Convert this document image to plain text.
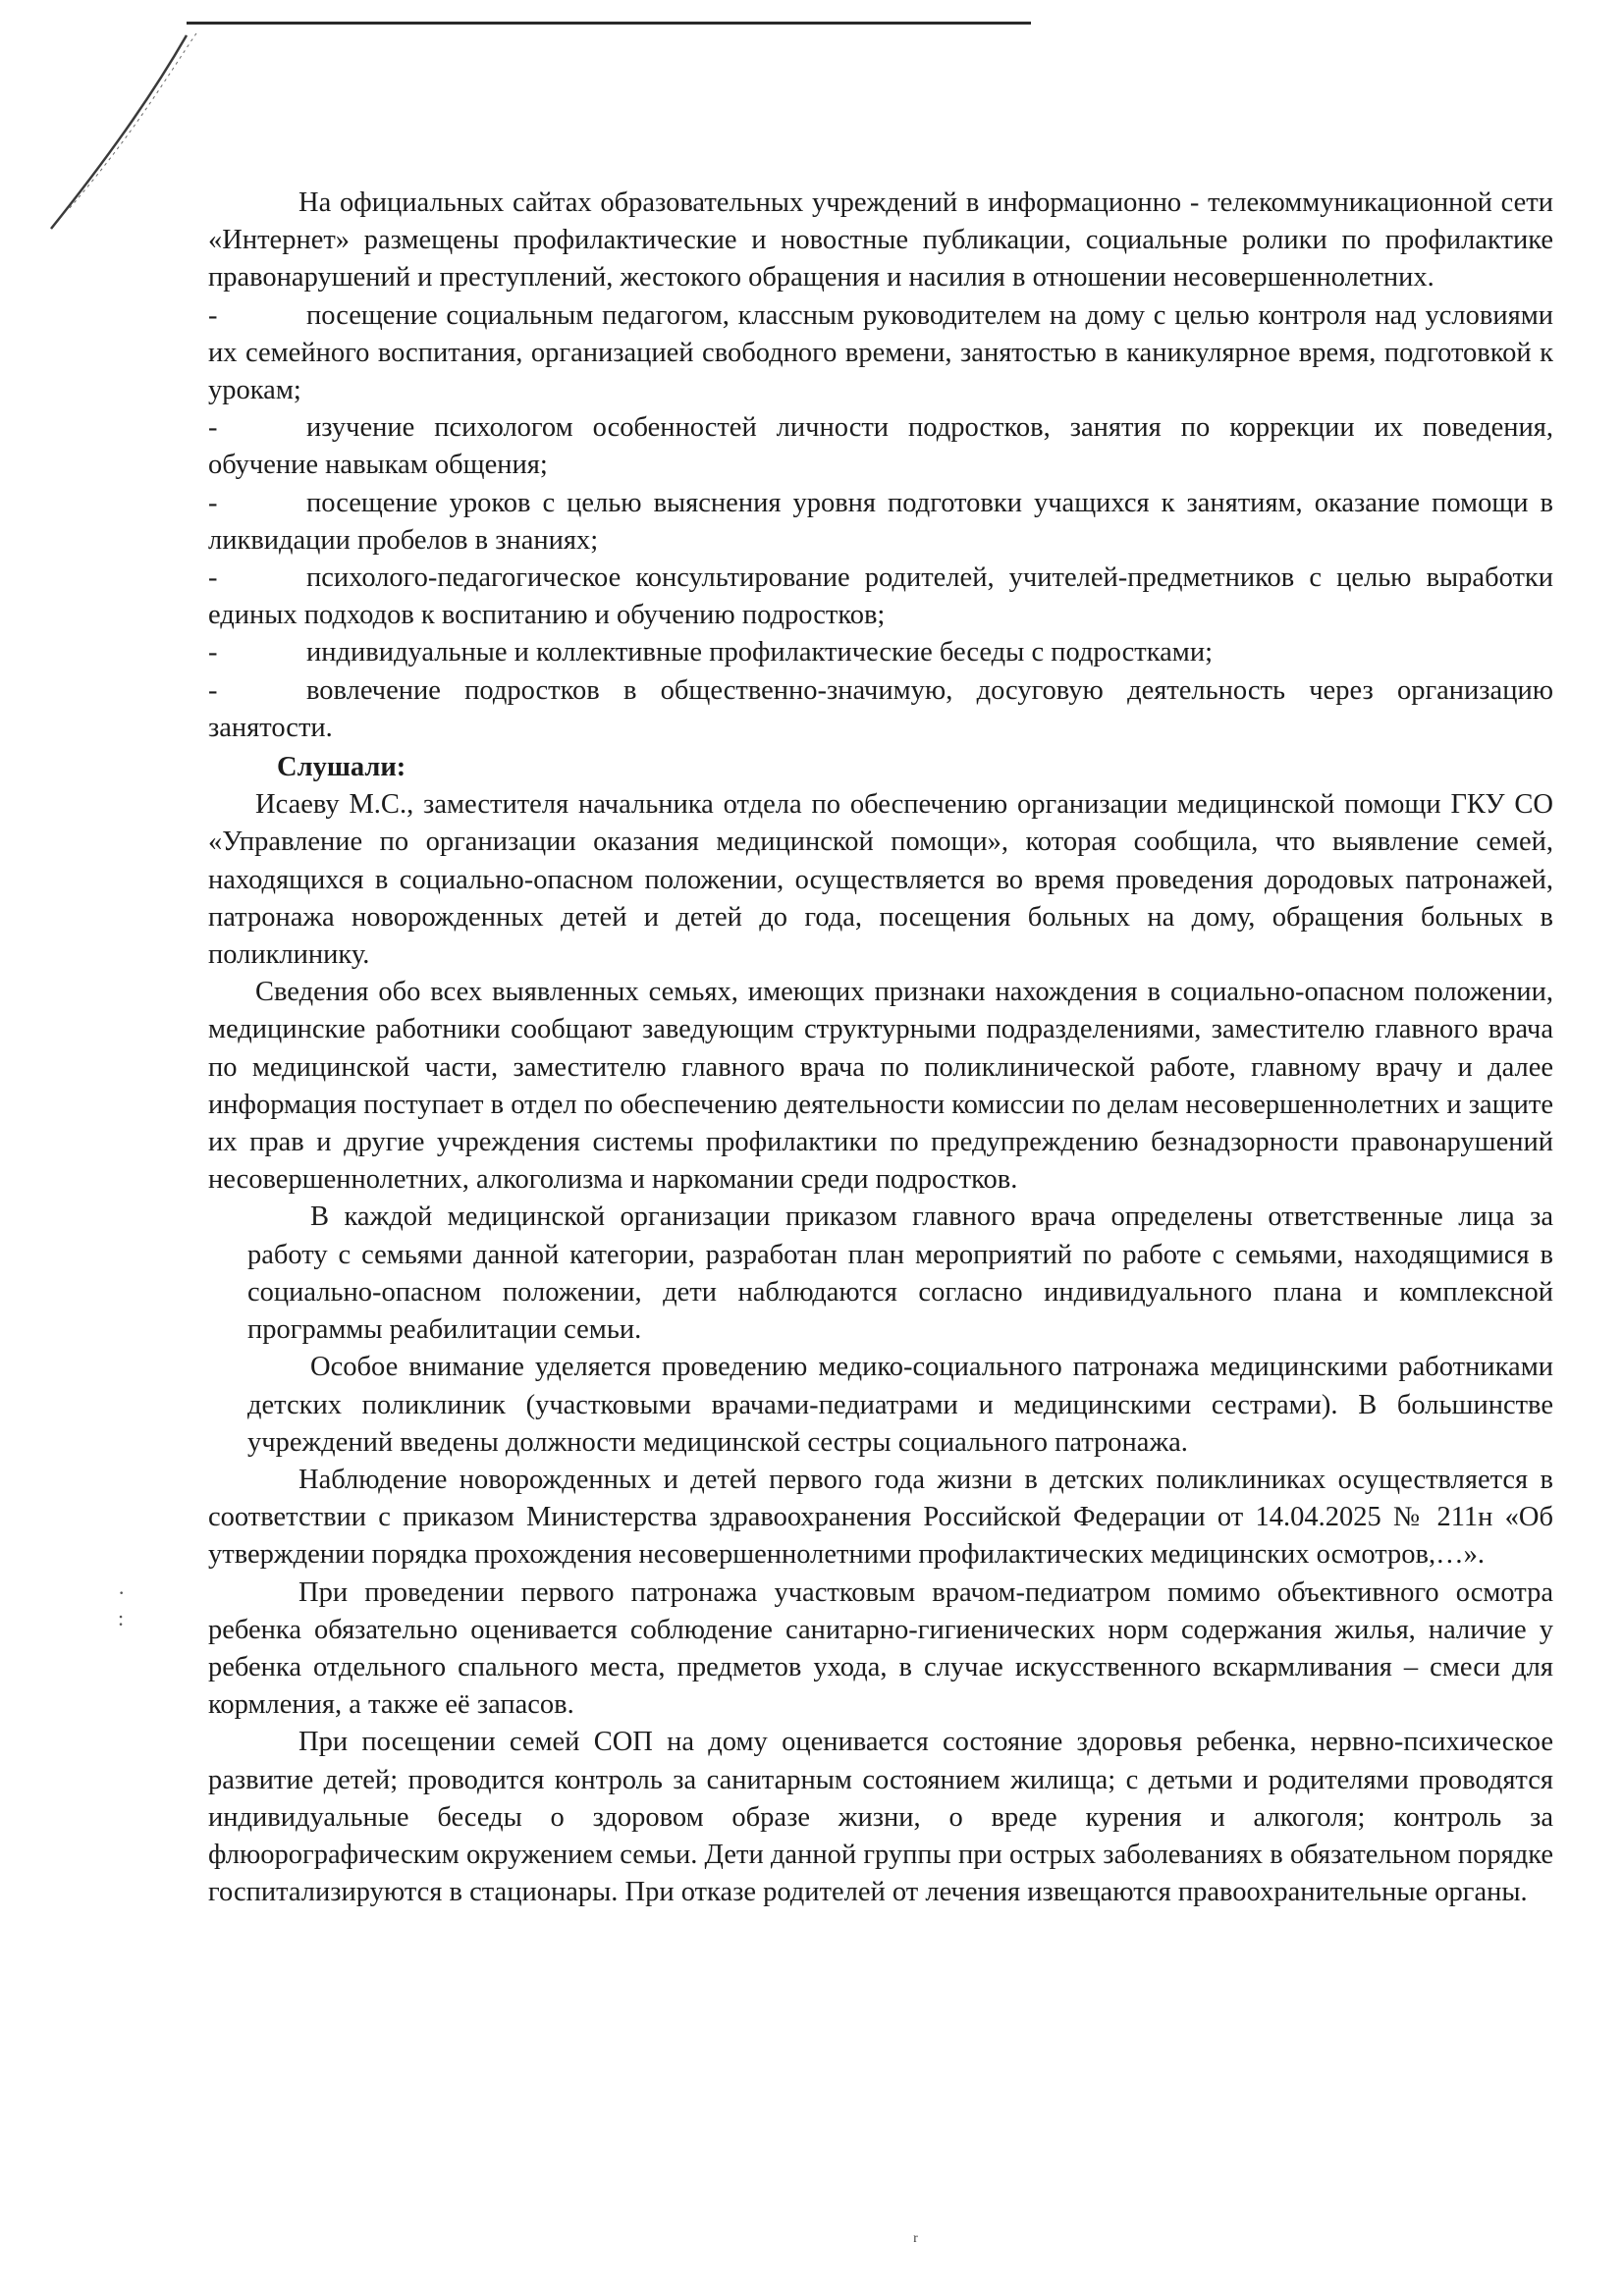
На официальных сайтах образовательных учреждений в информационно - телекоммуникационной сети «Интернет» размещены профилактические и новостные публикации, социальные ролики по профилактике правонарушений и преступлений, жестокого обращения и насилия в отношении несовершеннолетних.

-	посещение социальным педагогом, классным руководителем на дому с целью контроля над условиями их семейного воспитания, организацией свободного времени, занятостью в каникулярное время, подготовкой к урокам;

-	изучение психологом особенностей личности подростков, занятия по коррекции их поведения, обучение навыкам общения;

-	посещение уроков с целью выяснения уровня подготовки учащихся к занятиям, оказание помощи в ликвидации пробелов в знаниях;

-	психолого-педагогическое консультирование родителей, учителей-предметников с целью выработки единых подходов к воспитанию и обучению подростков;

-	индивидуальные и коллективные профилактические беседы с подростками;

-	вовлечение подростков в общественно-значимую, досуговую деятельность через организацию занятости.

Слушали:

Исаеву М.С., заместителя начальника отдела по обеспечению организации медицинской помощи ГКУ СО «Управление по организации оказания медицинской помощи», которая сообщила, что выявление семей, находящихся в социально-опасном положении, осуществляется во время проведения дородовых патронажей, патронажа новорожденных детей и детей до года, посещения больных на дому, обращения больных в поликлинику.

Сведения обо всех выявленных семьях, имеющих признаки нахождения в социально-опасном положении, медицинские работники сообщают заведующим структурными подразделениями, заместителю главного врача по медицинской части, заместителю главного врача по поликлинической работе, главному врачу и далее информация поступает в отдел по обеспечению деятельности комиссии по делам несовершеннолетних и защите их прав и другие учреждения системы профилактики по предупреждению безнадзорности правонарушений несовершеннолетних, алкоголизма и наркомании среди подростков.

В каждой медицинской организации приказом главного врача определены ответственные лица за работу с семьями данной категории, разработан план мероприятий по работе с семьями, находящимися в социально-опасном положении, дети наблюдаются согласно индивидуального плана и комплексной программы реабилитации семьи.

Особое внимание уделяется проведению медико-социального патронажа медицинскими работниками детских поликлиник (участковыми врачами-педиатрами и медицинскими сестрами). В большинстве учреждений введены должности медицинской сестры социального патронажа.

Наблюдение новорожденных и детей первого года жизни в детских поликлиниках осуществляется в соответствии с приказом Министерства здравоохранения Российской Федерации от 14.04.2025 № 211н «Об утверждении порядка прохождения несовершеннолетними профилактических медицинских осмотров,…».

При проведении первого патронажа участковым врачом-педиатром помимо объективного осмотра ребенка обязательно оценивается соблюдение санитарно-гигиенических норм содержания жилья, наличие у ребенка отдельного спального места, предметов ухода, в случае искусственного вскармливания – смеси для кормления, а также её запасов.

При посещении семей СОП на дому оценивается состояние здоровья ребенка, нервно-психическое развитие детей; проводится контроль за санитарным состоянием жилища; с детьми и родителями проводятся индивидуальные беседы о здоровом образе жизни, о вреде курения и алкоголя; контроль за флюорографическим окружением семьи. Дети данной группы при острых заболеваниях в обязательном порядке госпитализируются в стационары. При отказе родителей от лечения извещаются правоохранительные органы.

·
:
ʳ
